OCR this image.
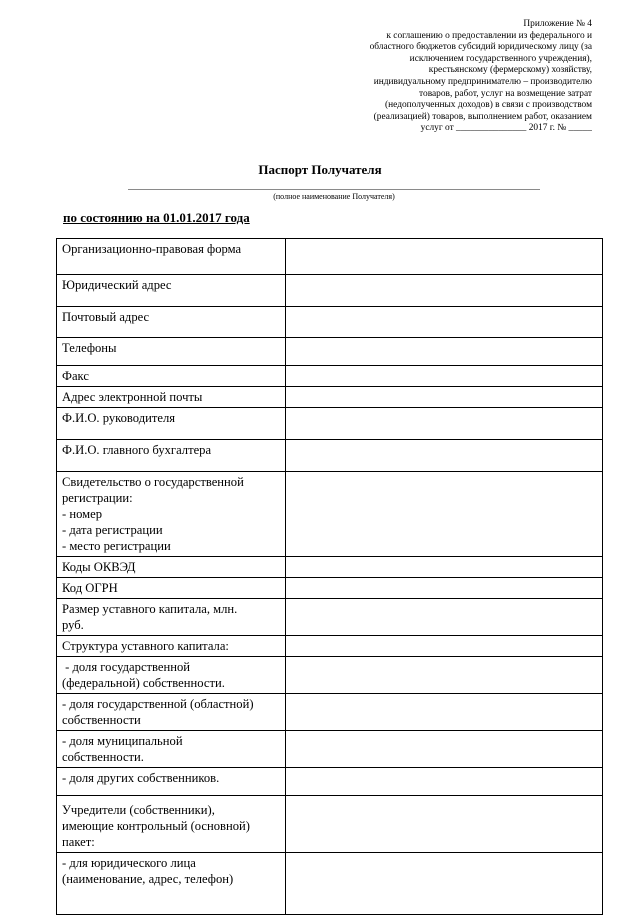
Приложение № 4
к соглашению о предоставлении из федерального и
областного бюджетов субсидий юридическому лицу (за
исключением государственного учреждения),
крестьянскому (фермерскому) хозяйству,
индивидуальному предпринимателю – производителю
товаров, работ, услуг на возмещение затрат
(недополученных доходов) в связи с производством
(реализацией) товаров, выполнением работ, оказанием
услуг от _______________ 2017 г. № _____
Паспорт Получателя
(полное наименование Получателя)
по состоянию на 01.01.2017 года
Организационно-правовая форма	

Юридический адрес	

Почтовый адрес	

Телефоны	

Факс	

Адрес электронной почты	

Ф.И.О. руководителя	

Ф.И.О. главного бухгалтера	

Свидетельство о государственной
регистрации:
- номер
- дата регистрации
- место регистрации	

Коды ОКВЭД	

Код ОГРН	

Размер уставного капитала, млн.
руб.	

Структура уставного капитала:	

- доля государственной
(федеральной) собственности.	

- доля государственной (областной)
собственности	

- доля муниципальной
собственности.	

- доля других собственников.	

Учредители (собственники),
имеющие контрольный (основной)
пакет:	

- для юридического лица
(наименование, адрес, телефон)	
